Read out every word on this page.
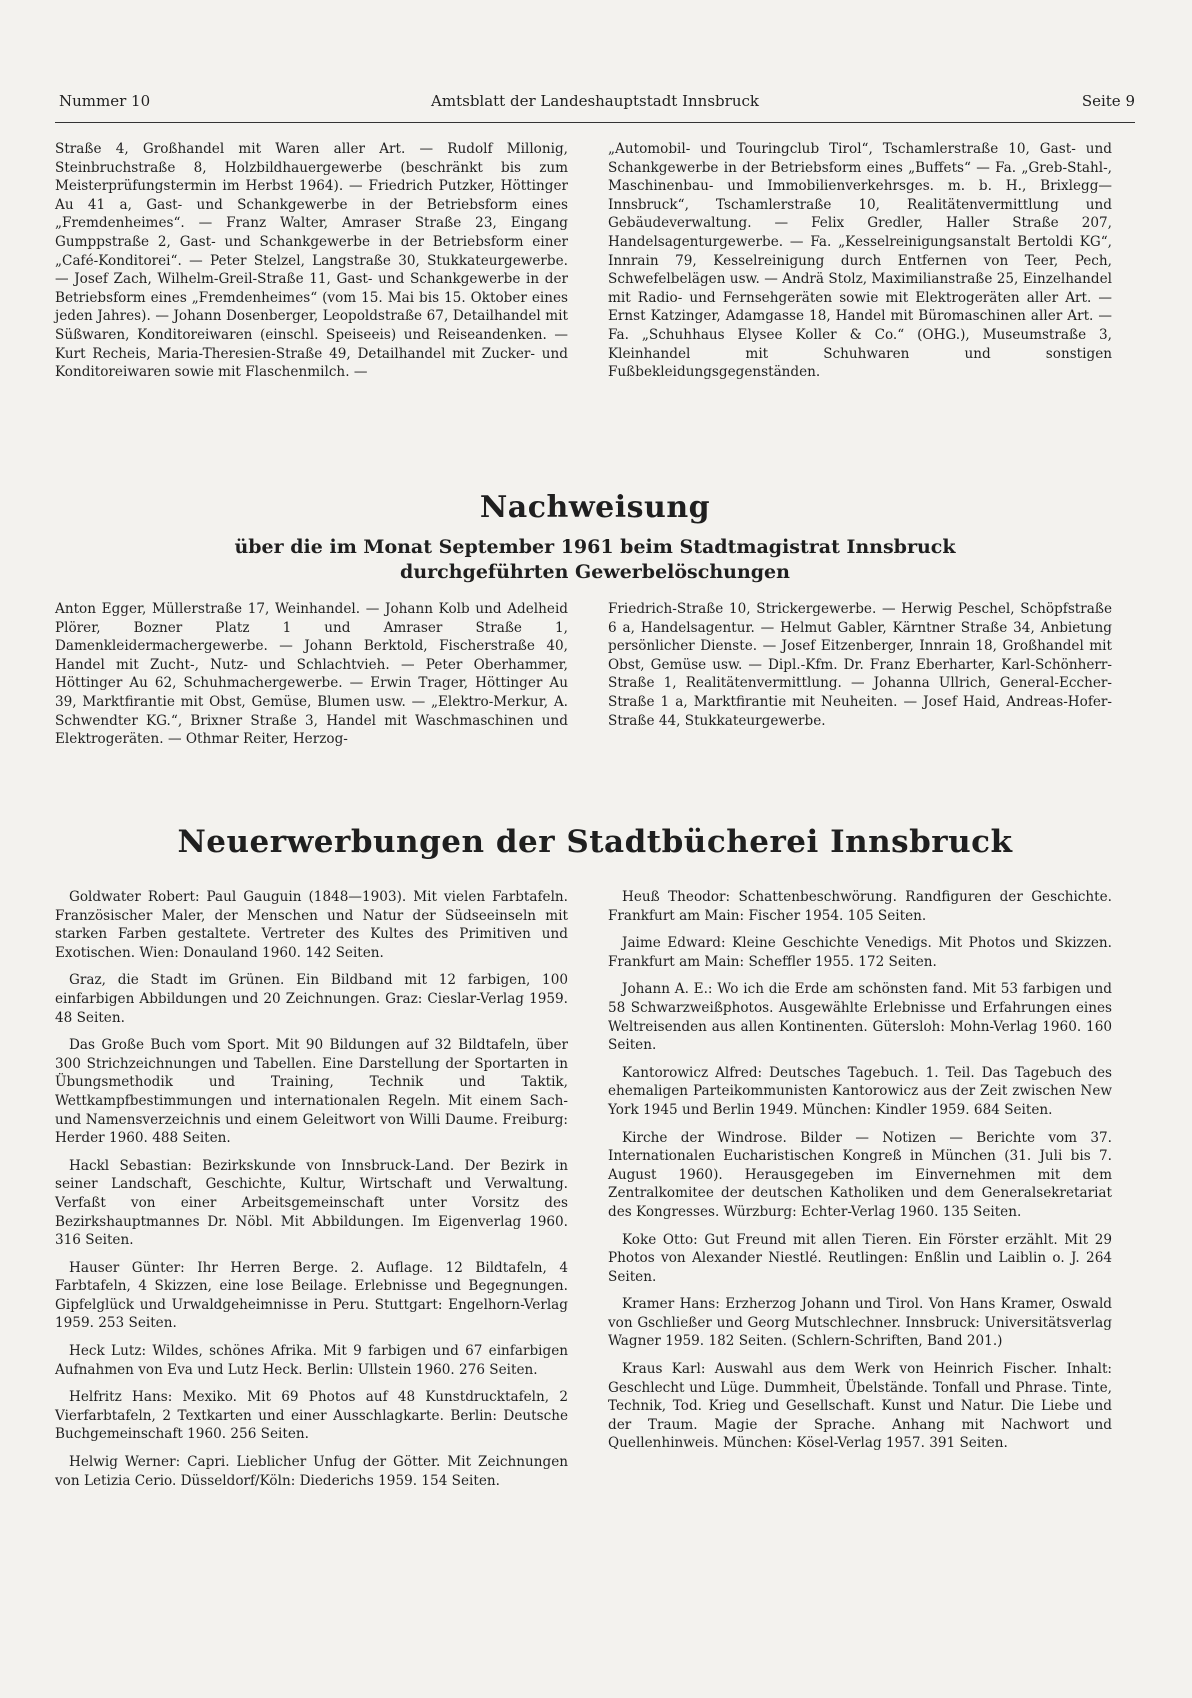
Nummer 10	Amtsblatt der Landeshauptstadt Innsbruck	Seite 9

Straße 4, Großhandel mit Waren aller Art. — Rudolf Millonig, Steinbruchstraße 8, Holzbildhauergewerbe (beschränkt bis zum Meisterprüfungstermin im Herbst 1964). — Friedrich Putzker, Höttinger Au 41 a, Gast- und Schankgewerbe in der Betriebsform eines „Fremdenheimes“. — Franz Walter, Amraser Straße 23, Eingang Gumppstraße 2, Gast- und Schankgewerbe in der Betriebsform einer „Café-Konditorei“. — Peter Stelzel, Langstraße 30, Stukkateurgewerbe. — Josef Zach, Wilhelm-Greil-Straße 11, Gast- und Schankgewerbe in der Betriebsform eines „Fremdenheimes“ (vom 15. Mai bis 15. Oktober eines jeden Jahres). — Johann Dosenberger, Leopoldstraße 67, Detailhandel mit Süßwaren, Konditoreiwaren (einschl. Speiseeis) und Reiseandenken. — Kurt Recheis, Maria-Theresien-Straße 49, Detailhandel mit Zucker- und Konditoreiwaren sowie mit Flaschenmilch. —

„Automobil- und Touringclub Tirol“, Tschamlerstraße 10, Gast- und Schankgewerbe in der Betriebsform eines „Buffets“ — Fa. „Greb-Stahl-, Maschinenbau- und Immobilienverkehrsges. m. b. H., Brixlegg—Innsbruck“, Tschamlerstraße 10, Realitätenvermittlung und Gebäudeverwaltung. — Felix Gredler, Haller Straße 207, Handelsagenturgewerbe. — Fa. „Kesselreinigungsanstalt Bertoldi KG“, Innrain 79, Kesselreinigung durch Entfernen von Teer, Pech, Schwefelbelägen usw. — Andrä Stolz, Maximilianstraße 25, Einzelhandel mit Radio- und Fernsehgeräten sowie mit Elektrogeräten aller Art. — Ernst Katzinger, Adamgasse 18, Handel mit Büromaschinen aller Art. — Fa. „Schuhhaus Elysee Koller & Co.“ (OHG.), Museumstraße 3, Kleinhandel mit Schuhwaren und sonstigen Fußbekleidungsgegenständen.

Nachweisung
über die im Monat September 1961 beim Stadtmagistrat Innsbruck
durchgeführten Gewerbelöschungen

Anton Egger, Müllerstraße 17, Weinhandel. — Johann Kolb und Adelheid Plörer, Bozner Platz 1 und Amraser Straße 1, Damenkleidermachergewerbe. — Johann Berktold, Fischerstraße 40, Handel mit Zucht-, Nutz- und Schlachtvieh. — Peter Oberhammer, Höttinger Au 62, Schuhmachergewerbe. — Erwin Trager, Höttinger Au 39, Marktfirantie mit Obst, Gemüse, Blumen usw. — „Elektro-Merkur, A. Schwendter KG.“, Brixner Straße 3, Handel mit Waschmaschinen und Elektrogeräten. — Othmar Reiter, Herzog-

Friedrich-Straße 10, Strickergewerbe. — Herwig Peschel, Schöpfstraße 6 a, Handelsagentur. — Helmut Gabler, Kärntner Straße 34, Anbietung persönlicher Dienste. — Josef Eitzenberger, Innrain 18, Großhandel mit Obst, Gemüse usw. — Dipl.-Kfm. Dr. Franz Eberharter, Karl-Schönherr-Straße 1, Realitätenvermittlung. — Johanna Ullrich, General-Eccher-Straße 1 a, Marktfirantie mit Neuheiten. — Josef Haid, Andreas-Hofer-Straße 44, Stukkateurgewerbe.

Neuerwerbungen der Stadtbücherei Innsbruck

Goldwater Robert: Paul Gauguin (1848—1903). Mit vielen Farbtafeln. Französischer Maler, der Menschen und Natur der Südseeinseln mit starken Farben gestaltete. Vertreter des Kultes des Primitiven und Exotischen. Wien: Donauland 1960. 142 Seiten.

Graz, die Stadt im Grünen. Ein Bildband mit 12 farbigen, 100 einfarbigen Abbildungen und 20 Zeichnungen. Graz: Cieslar-Verlag 1959. 48 Seiten.

Das Große Buch vom Sport. Mit 90 Bildungen auf 32 Bildtafeln, über 300 Strichzeichnungen und Tabellen. Eine Darstellung der Sportarten in Übungsmethodik und Training, Technik und Taktik, Wettkampfbestimmungen und internationalen Regeln. Mit einem Sach- und Namensverzeichnis und einem Geleitwort von Willi Daume. Freiburg: Herder 1960. 488 Seiten.

Hackl Sebastian: Bezirkskunde von Innsbruck-Land. Der Bezirk in seiner Landschaft, Geschichte, Kultur, Wirtschaft und Verwaltung. Verfaßt von einer Arbeitsgemeinschaft unter Vorsitz des Bezirkshauptmannes Dr. Nöbl. Mit Abbildungen. Im Eigenverlag 1960. 316 Seiten.

Hauser Günter: Ihr Herren Berge. 2. Auflage. 12 Bildtafeln, 4 Farbtafeln, 4 Skizzen, eine lose Beilage. Erlebnisse und Begegnungen. Gipfelglück und Urwaldgeheimnisse in Peru. Stuttgart: Engelhorn-Verlag 1959. 253 Seiten.

Heck Lutz: Wildes, schönes Afrika. Mit 9 farbigen und 67 einfarbigen Aufnahmen von Eva und Lutz Heck. Berlin: Ullstein 1960. 276 Seiten.

Helfritz Hans: Mexiko. Mit 69 Photos auf 48 Kunstdrucktafeln, 2 Vierfarbtafeln, 2 Textkarten und einer Ausschlagkarte. Berlin: Deutsche Buchgemeinschaft 1960. 256 Seiten.

Helwig Werner: Capri. Lieblicher Unfug der Götter. Mit Zeichnungen von Letizia Cerio. Düsseldorf/Köln: Diederichs 1959. 154 Seiten.

Heuß Theodor: Schattenbeschwörung. Randfiguren der Geschichte. Frankfurt am Main: Fischer 1954. 105 Seiten.

Jaime Edward: Kleine Geschichte Venedigs. Mit Photos und Skizzen. Frankfurt am Main: Scheffler 1955. 172 Seiten.

Johann A. E.: Wo ich die Erde am schönsten fand. Mit 53 farbigen und 58 Schwarzweißphotos. Ausgewählte Erlebnisse und Erfahrungen eines Weltreisenden aus allen Kontinenten. Gütersloh: Mohn-Verlag 1960. 160 Seiten.

Kantorowicz Alfred: Deutsches Tagebuch. 1. Teil. Das Tagebuch des ehemaligen Parteikommunisten Kantorowicz aus der Zeit zwischen New York 1945 und Berlin 1949. München: Kindler 1959. 684 Seiten.

Kirche der Windrose. Bilder — Notizen — Berichte vom 37. Internationalen Eucharistischen Kongreß in München (31. Juli bis 7. August 1960). Herausgegeben im Einvernehmen mit dem Zentralkomitee der deutschen Katholiken und dem Generalsekretariat des Kongresses. Würzburg: Echter-Verlag 1960. 135 Seiten.

Koke Otto: Gut Freund mit allen Tieren. Ein Förster erzählt. Mit 29 Photos von Alexander Niestlé. Reutlingen: Enßlin und Laiblin o. J. 264 Seiten.

Kramer Hans: Erzherzog Johann und Tirol. Von Hans Kramer, Oswald von Gschließer und Georg Mutschlechner. Innsbruck: Universitätsverlag Wagner 1959. 182 Seiten. (Schlern-Schriften, Band 201.)

Kraus Karl: Auswahl aus dem Werk von Heinrich Fischer. Inhalt: Geschlecht und Lüge. Dummheit, Übelstände. Tonfall und Phrase. Tinte, Technik, Tod. Krieg und Gesellschaft. Kunst und Natur. Die Liebe und der Traum. Magie der Sprache. Anhang mit Nachwort und Quellenhinweis. München: Kösel-Verlag 1957. 391 Seiten.
